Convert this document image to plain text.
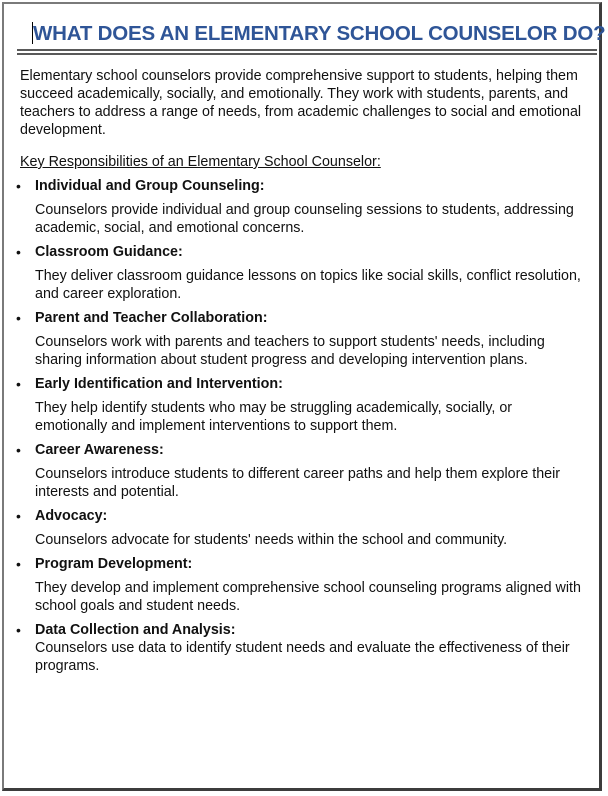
WHAT DOES AN ELEMENTARY SCHOOL COUNSELOR DO?

Elementary school counselors provide comprehensive support to students, helping them succeed academically, socially, and emotionally. They work with students, parents, and teachers to address a range of needs, from academic challenges to social and emotional development.

Key Responsibilities of an Elementary School Counselor:

• Individual and Group Counseling:
Counselors provide individual and group counseling sessions to students, addressing academic, social, and emotional concerns.
• Classroom Guidance:
They deliver classroom guidance lessons on topics like social skills, conflict resolution, and career exploration.
• Parent and Teacher Collaboration:
Counselors work with parents and teachers to support students' needs, including sharing information about student progress and developing intervention plans.
• Early Identification and Intervention:
They help identify students who may be struggling academically, socially, or emotionally and implement interventions to support them.
• Career Awareness:
Counselors introduce students to different career paths and help them explore their interests and potential.
• Advocacy:
Counselors advocate for students' needs within the school and community.
• Program Development:
They develop and implement comprehensive school counseling programs aligned with school goals and student needs.
• Data Collection and Analysis:
Counselors use data to identify student needs and evaluate the effectiveness of their programs.
